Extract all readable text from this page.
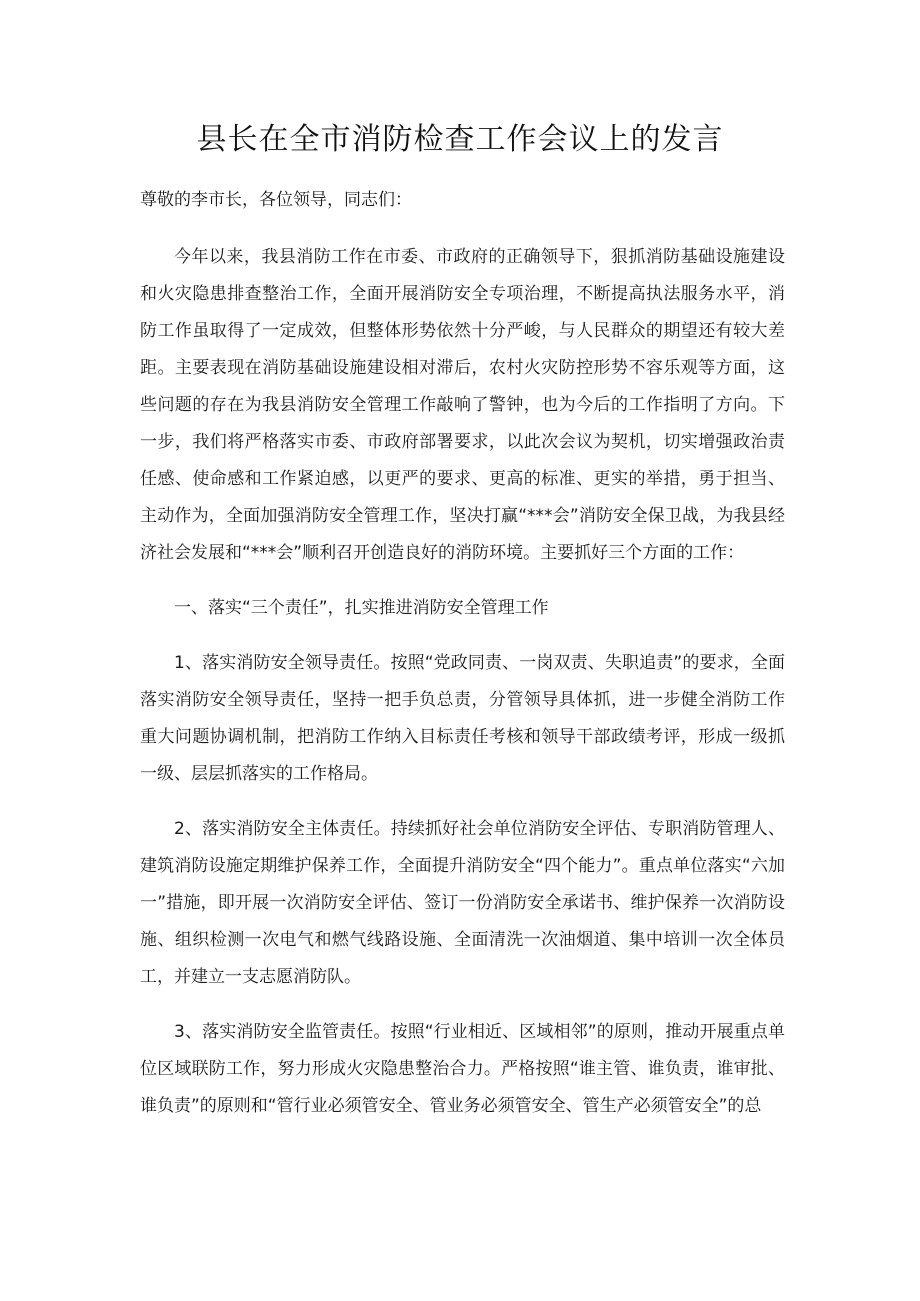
县长在全市消防检查工作会议上的发言

尊敬的李市长，各位领导，同志们：

今年以来，我县消防工作在市委、市政府的正确领导下，狠抓消防基础设施建设和火灾隐患排查整治工作，全面开展消防安全专项治理，不断提高执法服务水平，消防工作虽取得了一定成效，但整体形势依然十分严峻，与人民群众的期望还有较大差距。主要表现在消防基础设施建设相对滞后，农村火灾防控形势不容乐观等方面，这些问题的存在为我县消防安全管理工作敲响了警钟，也为今后的工作指明了方向。下一步，我们将严格落实市委、市政府部署要求，以此次会议为契机，切实增强政治责任感、使命感和工作紧迫感，以更严的要求、更高的标准、更实的举措，勇于担当、主动作为，全面加强消防安全管理工作，坚决打赢“***会”消防安全保卫战，为我县经济社会发展和“***会”顺利召开创造良好的消防环境。主要抓好三个方面的工作：

一、落实“三个责任”，扎实推进消防安全管理工作

1、落实消防安全领导责任。按照“党政同责、一岗双责、失职追责”的要求，全面落实消防安全领导责任，坚持一把手负总责，分管领导具体抓，进一步健全消防工作重大问题协调机制，把消防工作纳入目标责任考核和领导干部政绩考评，形成一级抓一级、层层抓落实的工作格局。

2、落实消防安全主体责任。持续抓好社会单位消防安全评估、专职消防管理人、建筑消防设施定期维护保养工作，全面提升消防安全“四个能力”。重点单位落实“六加一”措施，即开展一次消防安全评估、签订一份消防安全承诺书、维护保养一次消防设施、组织检测一次电气和燃气线路设施、全面清洗一次油烟道、集中培训一次全体员工，并建立一支志愿消防队。

3、落实消防安全监管责任。按照“行业相近、区域相邻”的原则，推动开展重点单位区域联防工作，努力形成火灾隐患整治合力。严格按照“谁主管、谁负责，谁审批、谁负责”的原则和“管行业必须管安全、管业务必须管安全、管生产必须管安全”的总
